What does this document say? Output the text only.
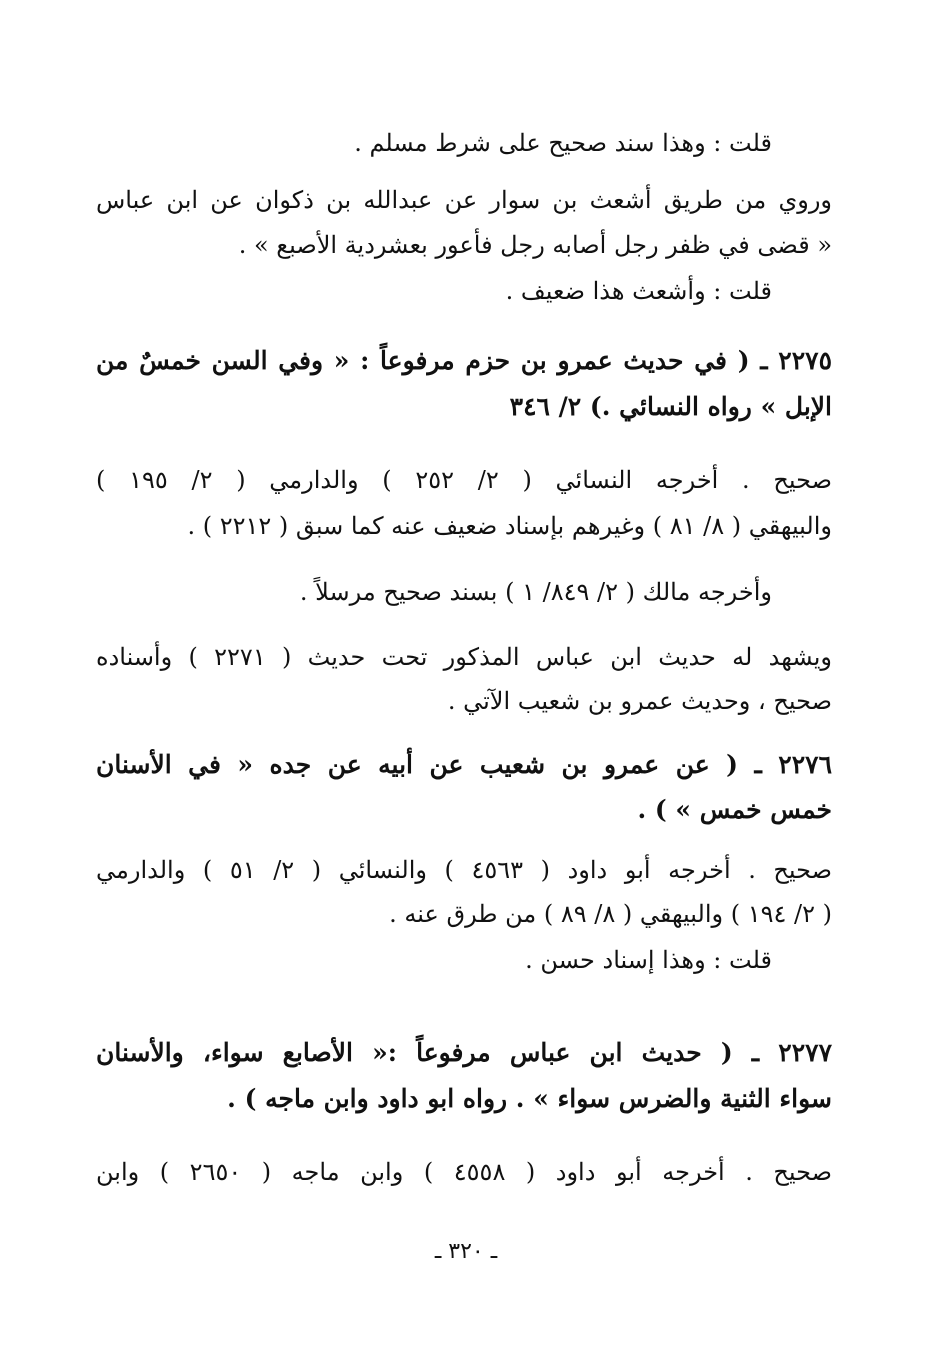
قلت : وهذا سند صحيح على شرط مسلم .
وروي من طريق أشعث بن سوار عن عبدالله بن ذكوان عن ابن عباس
« قضى في ظفر رجل أصابه رجل فأعور بعشردية الأصبع » .
قلت : وأشعث هذا ضعيف .
٢٢٧٥ ـ ( في حديث عمرو بن حزم مرفوعاً : « وفي السن خمسٌ من
الإبل » رواه النسائي .) ٢/ ٣٤٦
صحيح . أخرجه النسائي ( ٢/ ٢٥٢ ) والدارمي ( ٢/ ١٩٥ )
والبيهقي ( ٨/ ٨١ ) وغيرهم بإسناد ضعيف عنه كما سبق ( ٢٢١٢ ) .
وأخرجه مالك ( ٢/ ٨٤٩/ ١ ) بسند صحيح مرسلاً .
ويشهد له حديث ابن عباس المذكور تحت حديث ( ٢٢٧١ ) وأسناده
صحيح ، وحديث عمرو بن شعيب الآتي .
٢٢٧٦ ـ ( عن عمرو بن شعيب عن أبيه عن جده « في الأسنان
خمس خمس » ) .
صحيح . أخرجه أبو داود ( ٤٥٦٣ ) والنسائي ( ٢/ ٥١ ) والدارمي
( ٢/ ١٩٤ ) والبيهقي ( ٨/ ٨٩ ) من طرق عنه .
قلت : وهذا إسناد حسن .
٢٢٧٧ ـ ( حديث ابن عباس مرفوعاً :« الأصابع سواء، والأسنان
سواء الثنية والضرس سواء » . رواه ابو داود وابن ماجه ) .
صحيح . أخرجه أبو داود ( ٤٥٥٨ ) وابن ماجه ( ٢٦٥٠ ) وابن
ـ ٣٢٠ ـ
